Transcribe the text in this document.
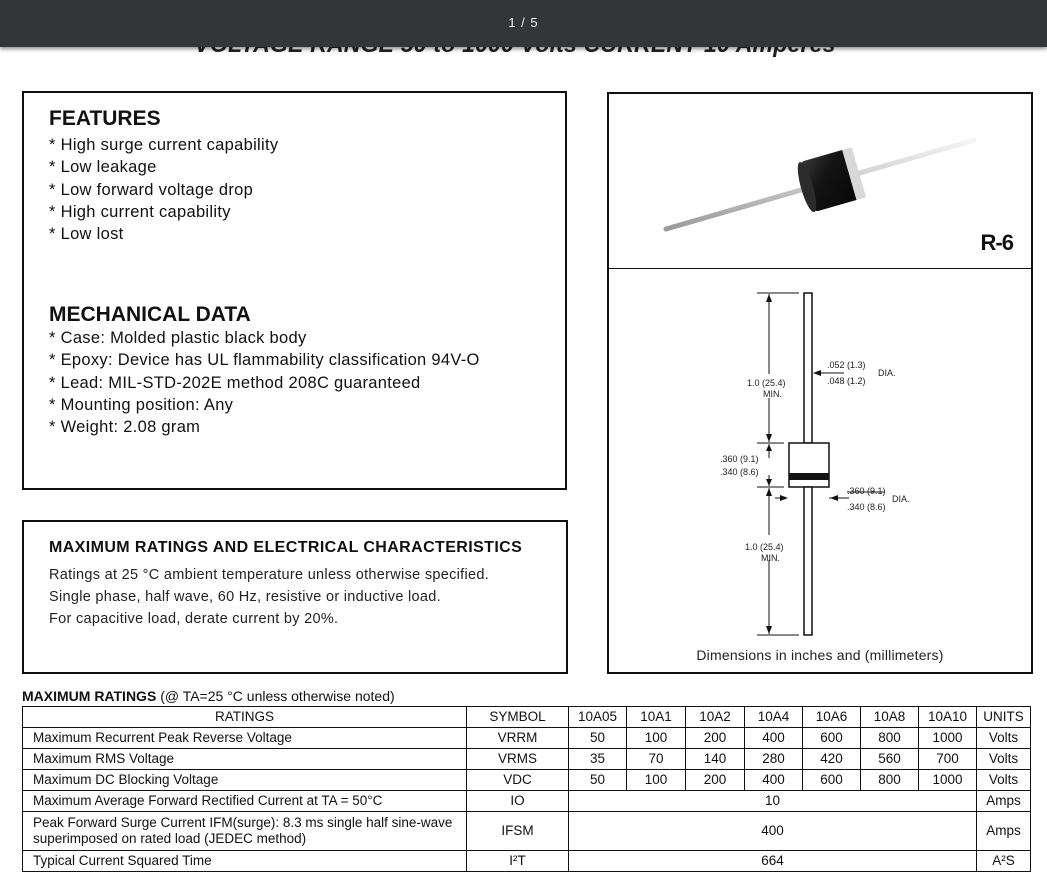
1 / 5
FEATURES
* High surge current capability
* Low leakage
* Low forward voltage drop
* High current capability
* Low lost
MECHANICAL DATA
* Case: Molded plastic black body
* Epoxy: Device has UL flammability classification 94V-O
* Lead: MIL-STD-202E method 208C guaranteed
* Mounting position: Any
* Weight: 2.08 gram
MAXIMUM RATINGS AND ELECTRICAL CHARACTERISTICS
Ratings at 25 °C ambient temperature unless otherwise specified.
Single phase, half wave, 60 Hz, resistive or inductive load.
For capacitive load, derate current by 20%.
R-6
.052 (1.3)
.048 (1.2)
DIA.
1.0 (25.4)
MIN.
.360 (9.1)
.340 (8.6)
.360 (9.1)
.340 (8.6)
DIA.
1.0 (25.4)
MIN.
Dimensions in inches and (millimeters)
MAXIMUM RATINGS (@ TA=25 °C unless otherwise noted)
RATINGS	SYMBOL	10A05	10A1	10A2	10A4	10A6	10A8	10A10	UNITS
Maximum Recurrent Peak Reverse Voltage	VRRM	50	100	200	400	600	800	1000	Volts
Maximum RMS Voltage	VRMS	35	70	140	280	420	560	700	Volts
Maximum DC Blocking Voltage	VDC	50	100	200	400	600	800	1000	Volts
Maximum Average Forward Rectified Current at TA = 50°C	IO	10							Amps
Peak Forward Surge Current IFM(surge): 8.3 ms single half sine-wave superimposed on rated load (JEDEC method)	IFSM	400							Amps
Typical Current Squared Time	I²T	664							A²S
